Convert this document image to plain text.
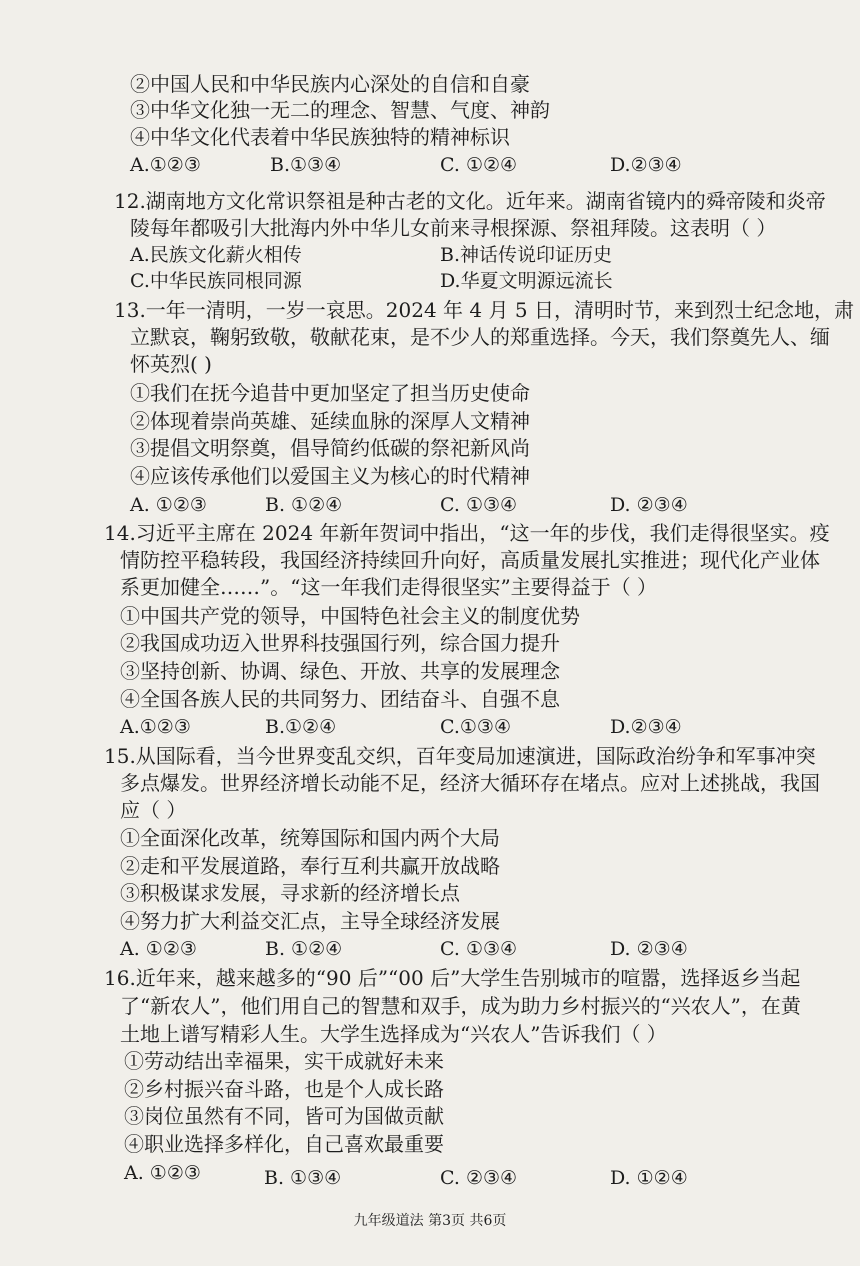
②中国人民和中华民族内心深处的自信和自豪
③中华文化独一无二的理念、智慧、气度、神韵
④中华文化代表着中华民族独特的精神标识
A.①②③	B.①③④	C. ①②④	D.②③④
12.湖南地方文化常识祭祖是种古老的文化。近年来。湖南省镜内的舜帝陵和炎帝
陵每年都吸引大批海内外中华儿女前来寻根探源、祭祖拜陵。这表明（ ）
A.民族文化薪火相传	B.神话传说印证历史
C.中华民族同根同源	D.华夏文明源远流长
13.一年一清明，一岁一哀思。2024 年 4 月 5 日，清明时节，来到烈士纪念地，肃
立默哀，鞠躬致敬，敬献花束，是不少人的郑重选择。今天，我们祭奠先人、缅
怀英烈( )
①我们在抚今追昔中更加坚定了担当历史使命
②体现着崇尚英雄、延续血脉的深厚人文精神
③提倡文明祭奠，倡导简约低碳的祭祀新风尚
④应该传承他们以爱国主义为核心的时代精神
A. ①②③	B. ①②④	C. ①③④	D. ②③④
14.习近平主席在 2024 年新年贺词中指出，“这一年的步伐，我们走得很坚实。疫
情防控平稳转段，我国经济持续回升向好，高质量发展扎实推进；现代化产业体
系更加健全……”。“这一年我们走得很坚实”主要得益于（ ）
①中国共产党的领导，中国特色社会主义的制度优势
②我国成功迈入世界科技强国行列，综合国力提升
③坚持创新、协调、绿色、开放、共享的发展理念
④全国各族人民的共同努力、团结奋斗、自强不息
A.①②③	B.①②④	C.①③④	D.②③④
15.从国际看，当今世界变乱交织，百年变局加速演进，国际政治纷争和军事冲突
多点爆发。世界经济增长动能不足，经济大循环存在堵点。应对上述挑战，我国
应（ ）
①全面深化改革，统筹国际和国内两个大局
②走和平发展道路，奉行互利共赢开放战略
③积极谋求发展，寻求新的经济增长点
④努力扩大利益交汇点，主导全球经济发展
A. ①②③	B. ①②④	C. ①③④	D. ②③④
16.近年来，越来越多的“90 后”“00 后”大学生告别城市的喧嚣，选择返乡当起
了“新农人”，他们用自己的智慧和双手，成为助力乡村振兴的“兴农人”，在黄
土地上谱写精彩人生。大学生选择成为“兴农人”告诉我们（ ）
①劳动结出幸福果，实干成就好未来
②乡村振兴奋斗路，也是个人成长路
③岗位虽然有不同，皆可为国做贡献
④职业选择多样化，自己喜欢最重要
A. ①②③	B. ①③④	C. ②③④	D. ①②④
九年级道法 第3页 共6页
